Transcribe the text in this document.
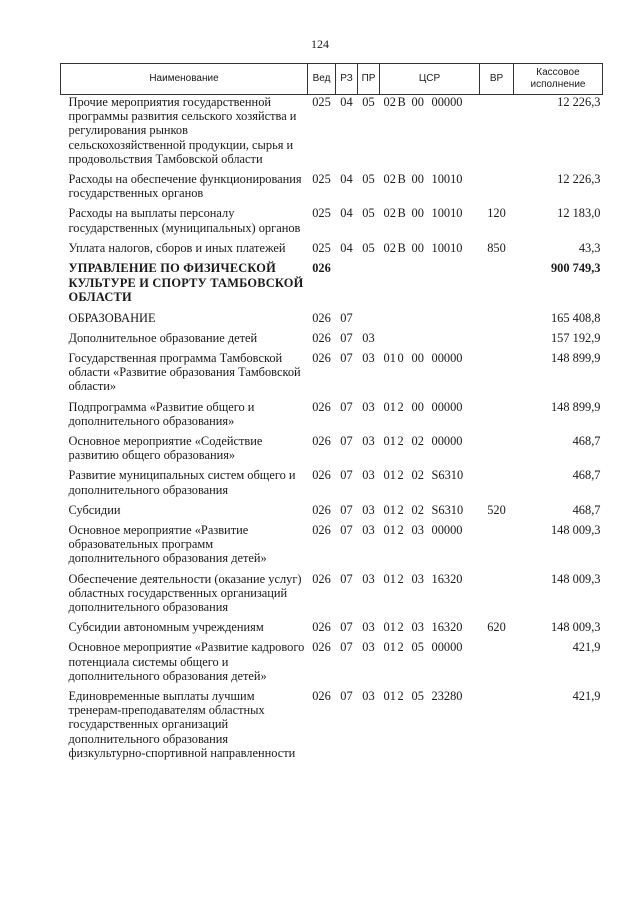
124
Наименование	Вед	РЗ	ПР	ЦСР	ВР	Кассовое исполнение
Прочие мероприятия государственной программы развития сельского хозяйства и регулирования рынков сельскохозяйственной продукции, сырья и продовольствия Тамбовской области	025	04	05	02 В 00 00000		12 226,3
Расходы на обеспечение функционирования государственных органов	025	04	05	02 В 00 10010		12 226,3
Расходы на выплаты персоналу государственных (муниципальных) органов	025	04	05	02 В 00 10010	120	12 183,0
Уплата налогов, сборов и иных платежей	025	04	05	02 В 00 10010	850	43,3
УПРАВЛЕНИЕ ПО ФИЗИЧЕСКОЙ КУЛЬТУРЕ И СПОРТУ ТАМБОВСКОЙ ОБЛАСТИ	026					900 749,3
ОБРАЗОВАНИЕ	026	07				165 408,8
Дополнительное образование детей	026	07	03			157 192,9
Государственная программа Тамбовской области «Развитие образования Тамбовской области»	026	07	03	01 0 00 00000		148 899,9
Подпрограмма «Развитие общего и дополнительного образования»	026	07	03	01 2 00 00000		148 899,9
Основное мероприятие «Содействие развитию общего образования»	026	07	03	01 2 02 00000		468,7
Развитие муниципальных систем общего и дополнительного образования	026	07	03	01 2 02 S6310		468,7
Субсидии	026	07	03	01 2 02 S6310	520	468,7
Основное мероприятие «Развитие образовательных программ дополнительного образования детей»	026	07	03	01 2 03 00000		148 009,3
Обеспечение деятельности (оказание услуг) областных государственных организаций дополнительного образования	026	07	03	01 2 03 16320		148 009,3
Субсидии автономным учреждениям	026	07	03	01 2 03 16320	620	148 009,3
Основное мероприятие «Развитие кадрового потенциала системы общего и дополнительного образования детей»	026	07	03	01 2 05 00000		421,9
Единовременные выплаты лучшим тренерам-преподавателям областных государственных организаций дополнительного образования физкультурно-спортивной направленности	026	07	03	01 2 05 23280		421,9
